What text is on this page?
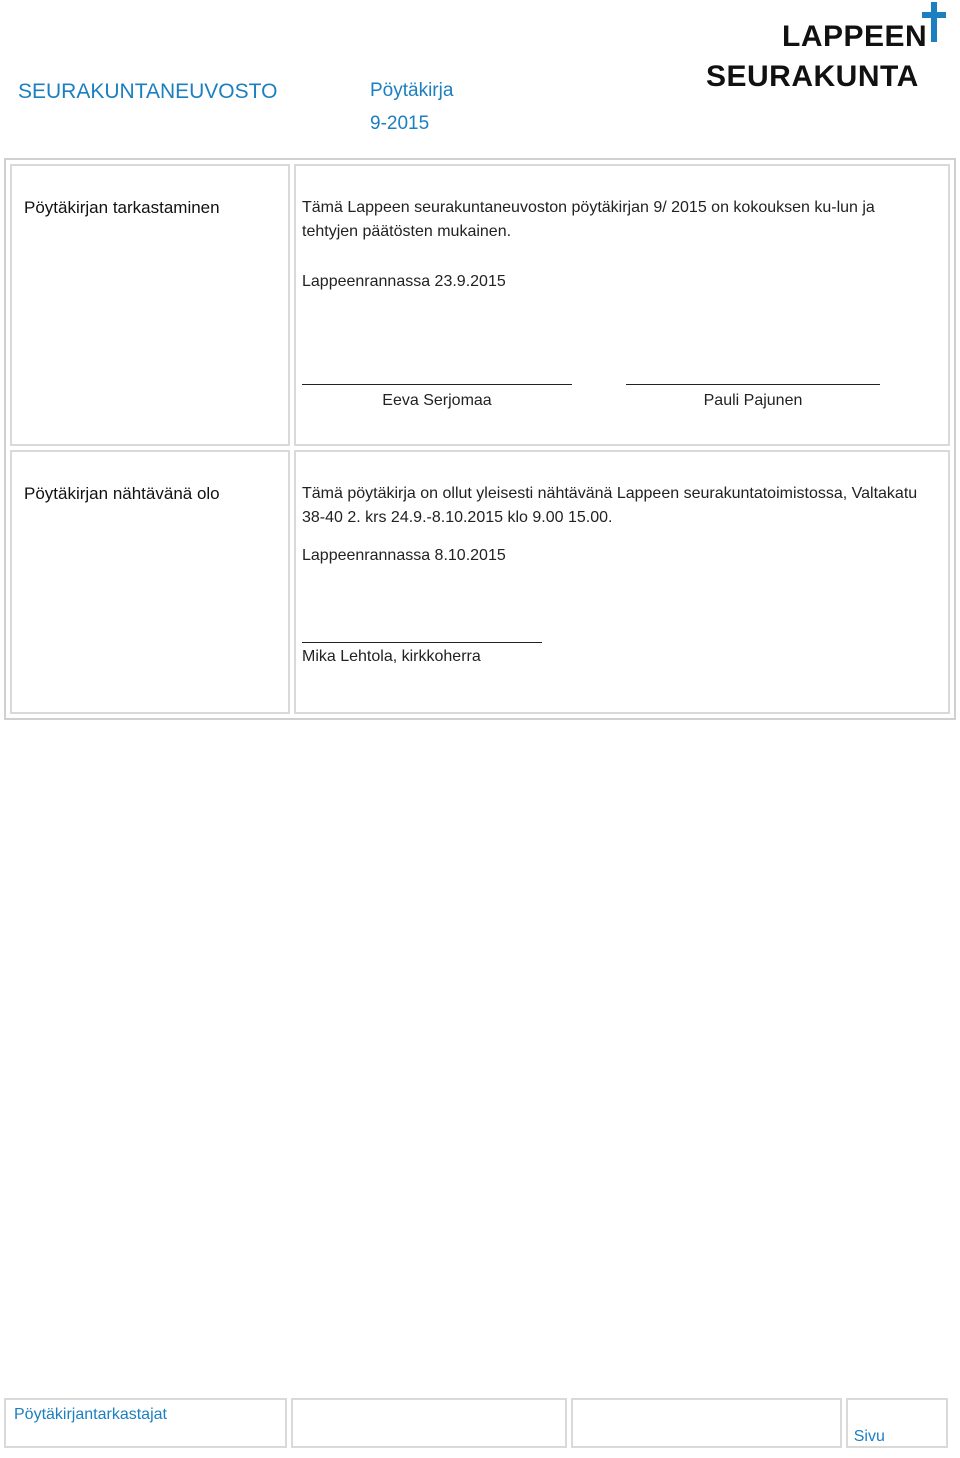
SEURAKUNTANEUVOSTO	Pöytäkirja
9-2015
LAPPEEN
SEURAKUNTA
Pöytäkirjan tarkastaminen	Tämä Lappeen seurakuntaneuvoston pöytäkirjan 9/ 2015 on kokouksen ku-lun ja tehtyjen päätösten mukainen.
Lappeenrannassa 23.9.2015
Eeva Serjomaa Pauli Pajunen

Pöytäkirjan nähtävänä olo	Tämä pöytäkirja on ollut yleisesti nähtävänä Lappeen seurakuntatoimistossa, Valtakatu 38-40 2. krs 24.9.-8.10.2015 klo 9.00 15.00.
Lappeenrannassa 8.10.2015
Mika Lehtola, kirkkoherra
Pöytäkirjantarkastajat			Sivu
